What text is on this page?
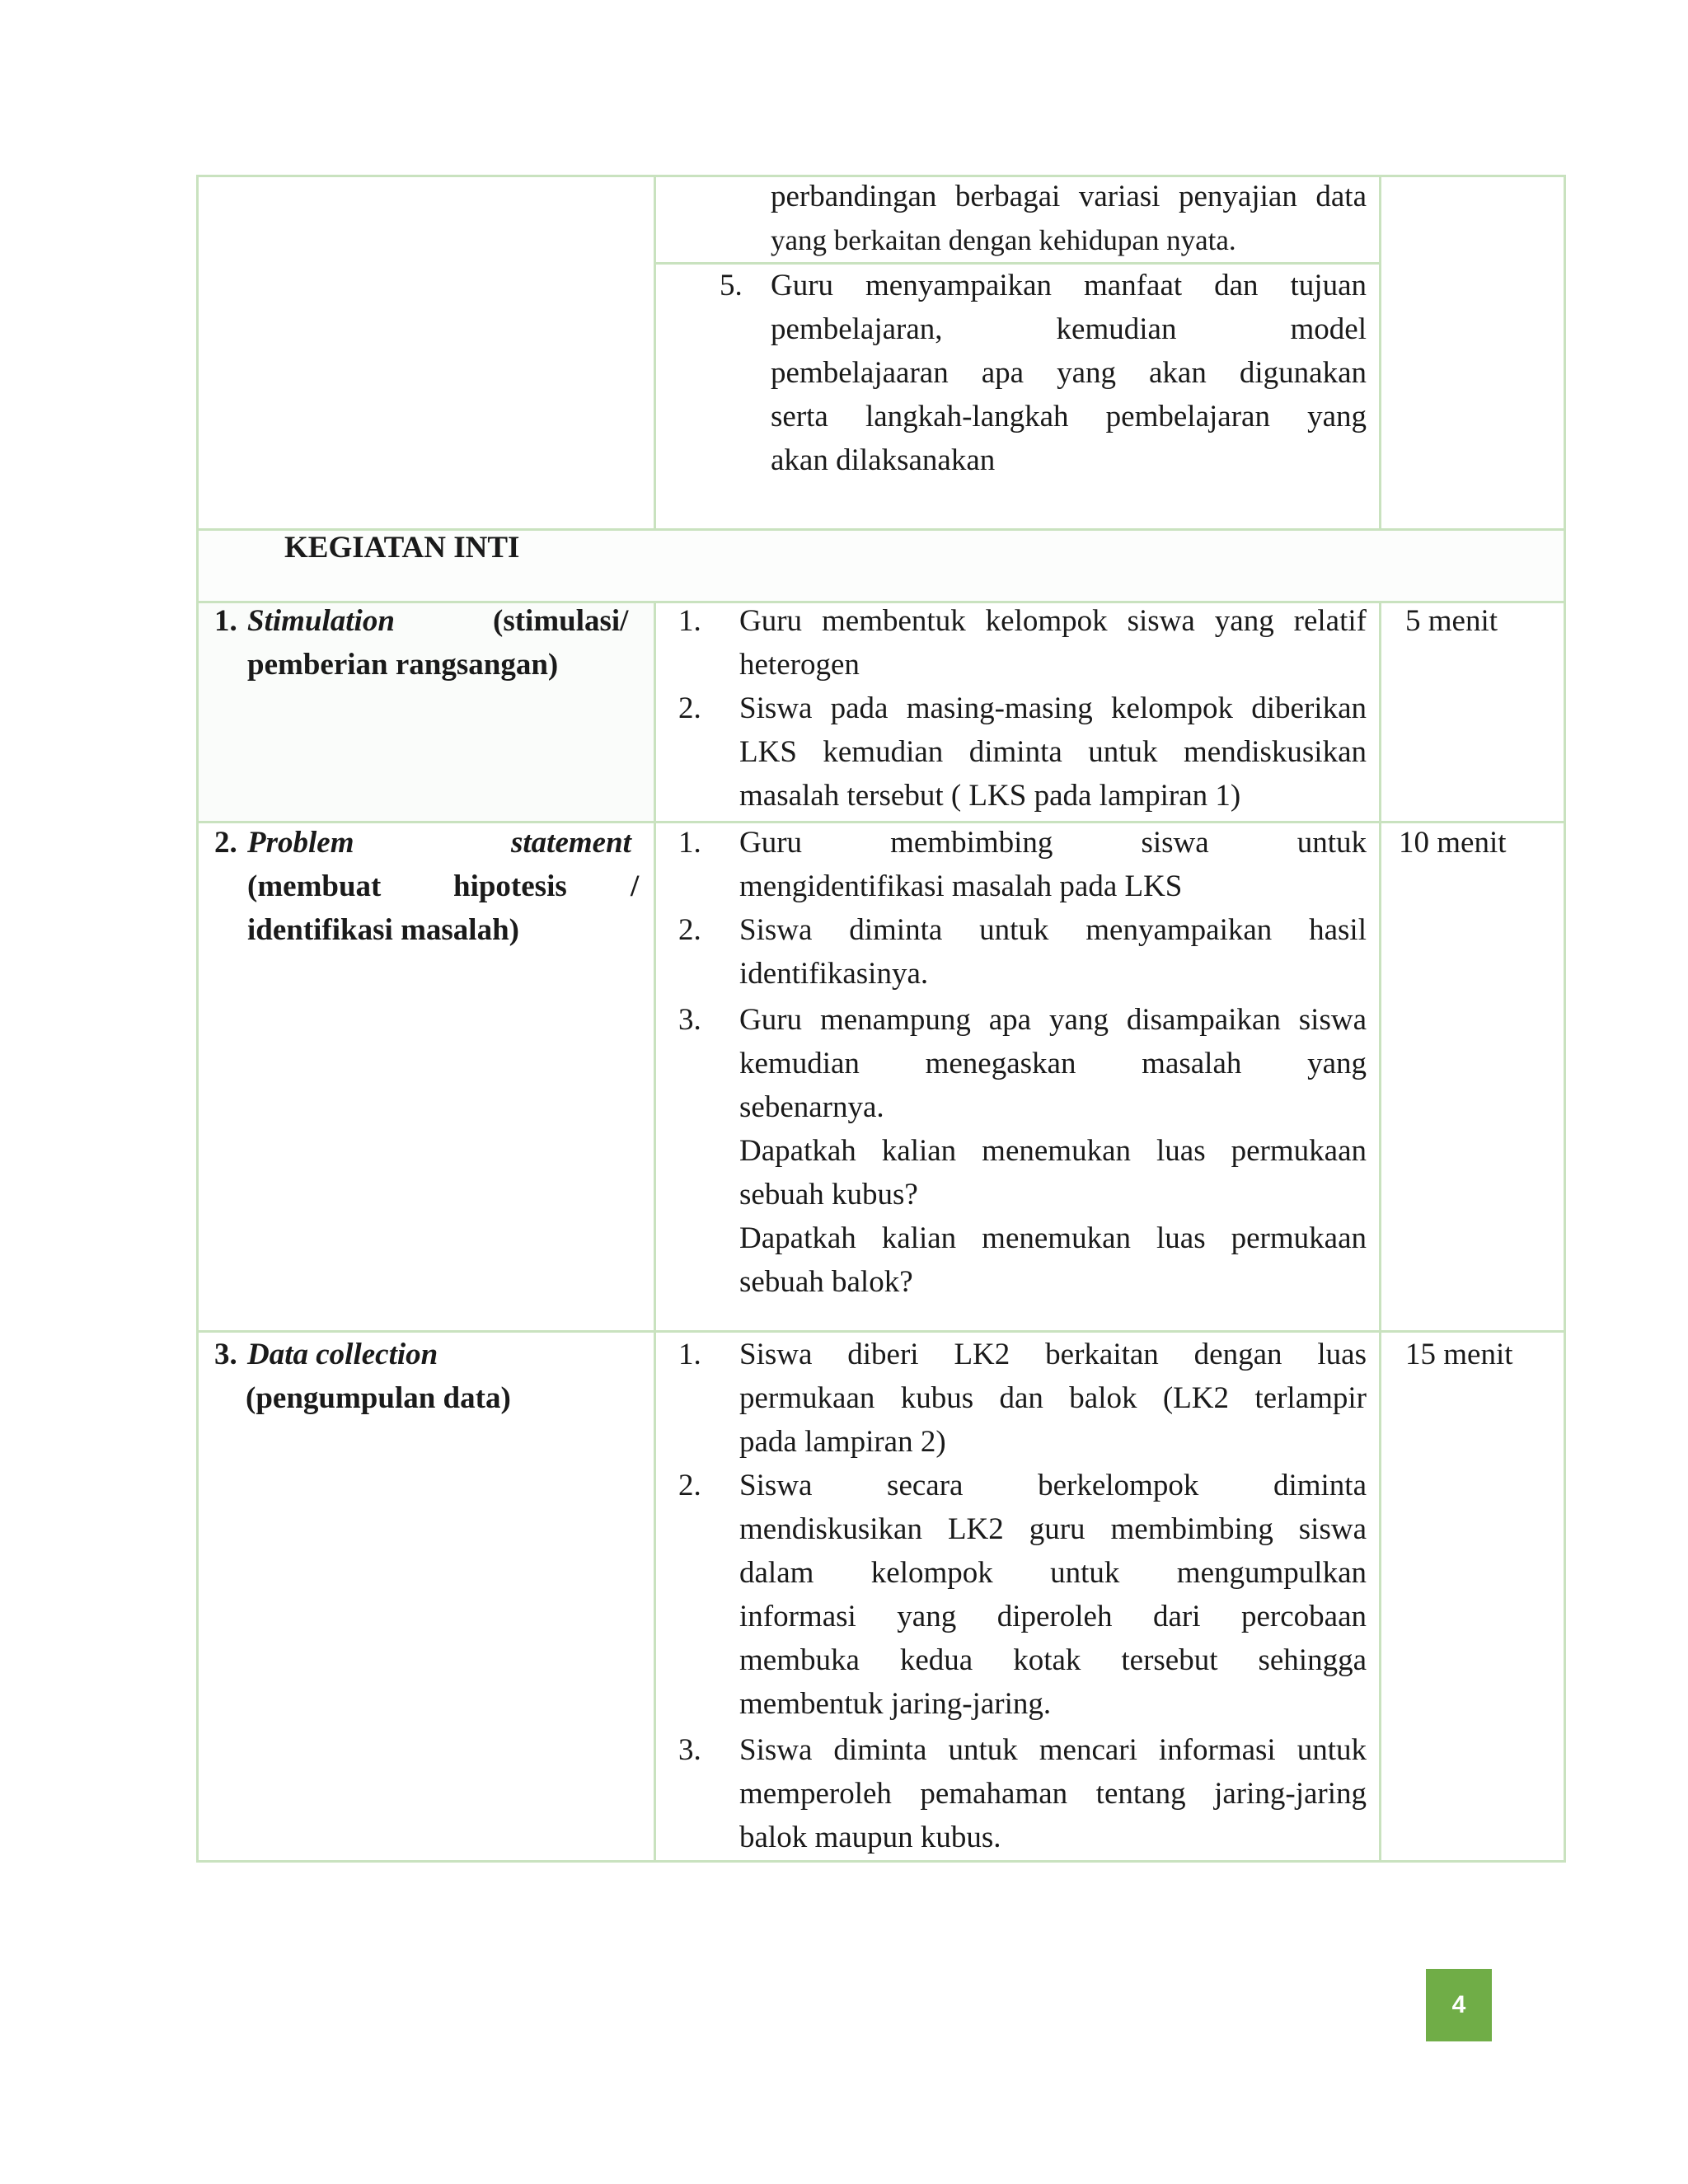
perbandingan berbagai variasi penyajian data
yang berkaitan dengan kehidupan nyata.
5. Guru menyampaikan manfaat dan tujuan
pembelajaran, kemudian model
pembelajaaran apa yang akan digunakan
serta langkah-langkah pembelajaran yang
akan dilaksanakan
KEGIATAN INTI
1. Stimulation	(stimulasi/
pemberian rangsangan)
5 menit
1. Guru membentuk kelompok siswa yang relatif
heterogen
2. Siswa pada masing-masing kelompok diberikan
LKS kemudian diminta untuk mendiskusikan
masalah tersebut ( LKS pada lampiran 1)
2. Problem	statement
(membuat hipotesis /
identifikasi masalah)
10 menit
1. Guru membimbing siswa untuk
mengidentifikasi masalah pada LKS
2. Siswa diminta untuk menyampaikan hasil
identifikasinya.
3. Guru menampung apa yang disampaikan siswa
kemudian menegaskan masalah yang
sebenarnya.
Dapatkah kalian menemukan luas permukaan
sebuah kubus?
Dapatkah kalian menemukan luas permukaan
sebuah balok?
3. Data collection
(pengumpulan data)
15 menit
1. Siswa diberi LK2 berkaitan dengan luas
permukaan kubus dan balok (LK2 terlampir
pada lampiran 2)
2. Siswa secara berkelompok diminta
mendiskusikan LK2 guru membimbing siswa
dalam kelompok untuk mengumpulkan
informasi yang diperoleh dari percobaan
membuka kedua kotak tersebut sehingga
membentuk jaring-jaring.
3. Siswa diminta untuk mencari informasi untuk
memperoleh pemahaman tentang jaring-jaring
balok maupun kubus.
4
